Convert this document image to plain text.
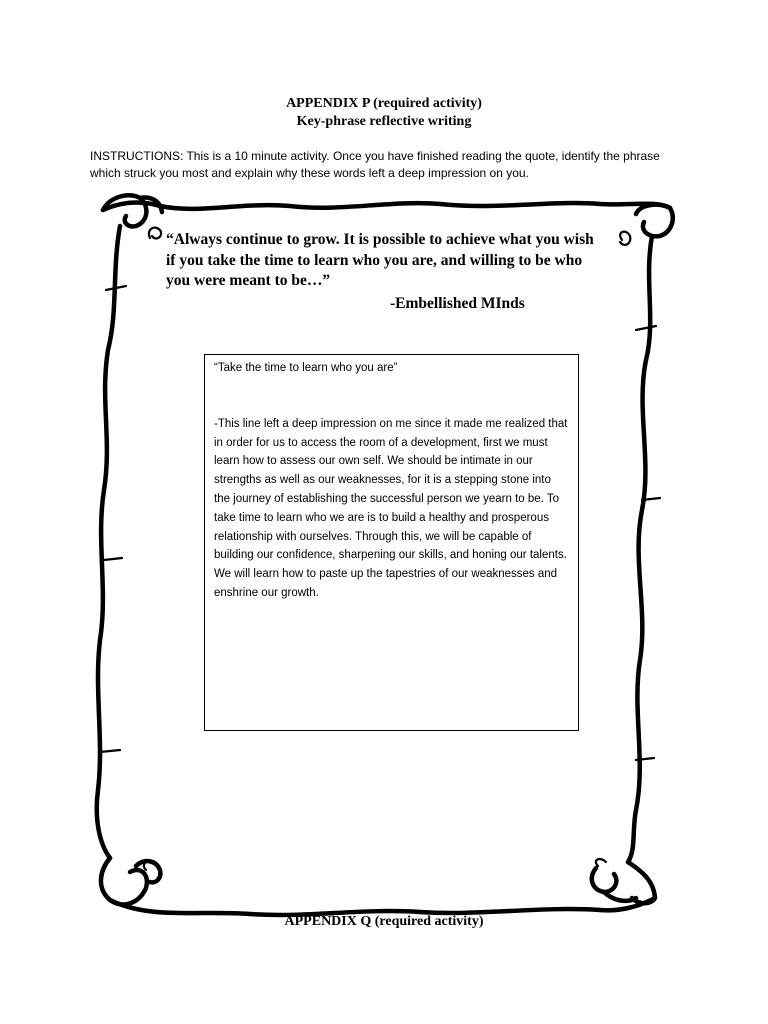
APPENDIX P (required activity)
Key-phrase reflective writing
INSTRUCTIONS: This is a 10 minute activity. Once you have finished reading the quote, identify the phrase which struck you most and explain why these words left a deep impression on you.
“Always continue to grow. It is possible to achieve what you wish if you take the time to learn who you are, and willing to be who you were meant to be…”
-Embellished MInds

“Take the time to learn who you are”

-This line left a deep impression on me since it made me realized that in order for us to access the room of a development, first we must learn how to assess our own self. We should be intimate in our strengths as well as our weaknesses, for it is a stepping stone into the journey of establishing the successful person we yearn to be. To take time to learn who we are is to build a healthy and prosperous relationship with ourselves. Through this, we will be capable of building our confidence, sharpening our skills, and honing our talents. We will learn how to paste up the tapestries of our weaknesses and enshrine our growth.

APPENDIX Q (required activity)
